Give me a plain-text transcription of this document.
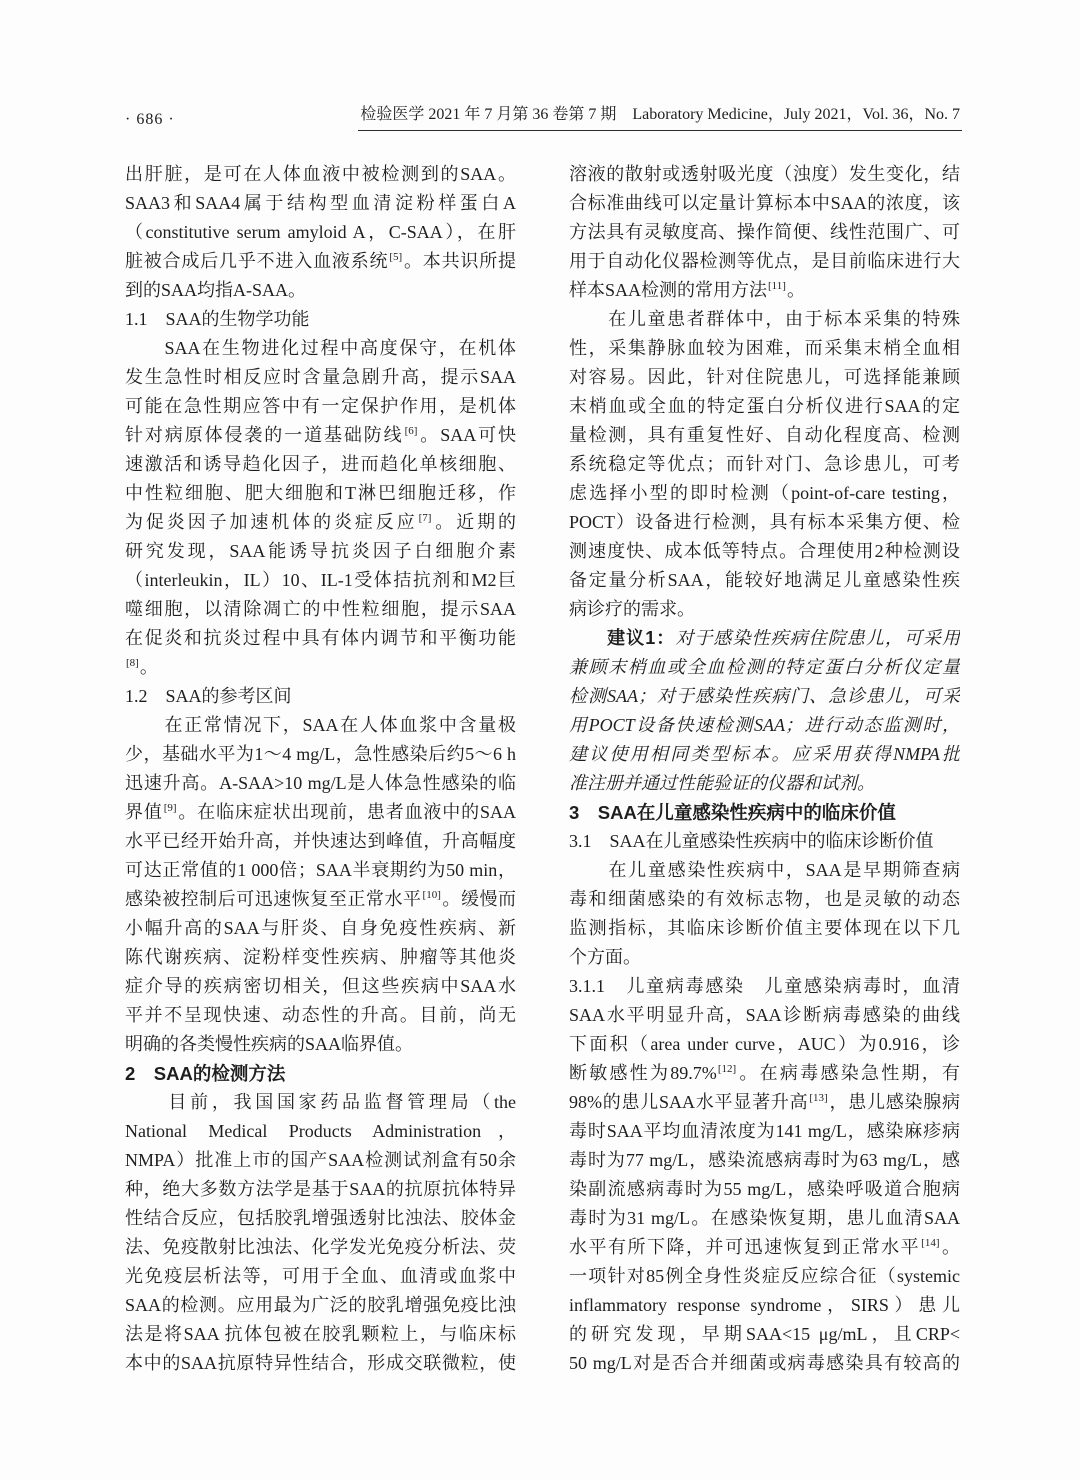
· 686 ·	检验医学 2021 年 7 月第 36 卷第 7 期　Laboratory Medicine，July 2021，Vol. 36，No. 7
出肝脏，是可在人体血液中被检测到的SAA。
SAA3和SAA4属于结构型血清淀粉样蛋白A
（constitutive serum amyloid A，C-SAA），在肝
脏被合成后几乎不进入血液系统[5]。本共识所提
到的SAA均指A-SAA。
1.1　SAA的生物学功能
　　SAA在生物进化过程中高度保守，在机体
发生急性时相反应时含量急剧升高，提示SAA
可能在急性期应答中有一定保护作用，是机体
针对病原体侵袭的一道基础防线[6]。SAA可快
速激活和诱导趋化因子，进而趋化单核细胞、
中性粒细胞、肥大细胞和T淋巴细胞迁移，作
为促炎因子加速机体的炎症反应[7]。近期的
研究发现，SAA能诱导抗炎因子白细胞介素
（interleukin，IL）10、IL-1受体拮抗剂和M2巨
噬细胞，以清除凋亡的中性粒细胞，提示SAA
在促炎和抗炎过程中具有体内调节和平衡功能
[8]。
1.2　SAA的参考区间
　　在正常情况下，SAA在人体血浆中含量极
少，基础水平为1～4 mg/L，急性感染后约5～6 h
迅速升高。A-SAA>10 mg/L是人体急性感染的临
界值[9]。在临床症状出现前，患者血液中的SAA
水平已经开始升高，并快速达到峰值，升高幅度
可达正常值的1 000倍；SAA半衰期约为50 min，
感染被控制后可迅速恢复至正常水平[10]。缓慢而
小幅升高的SAA与肝炎、自身免疫性疾病、新
陈代谢疾病、淀粉样变性疾病、肿瘤等其他炎
症介导的疾病密切相关，但这些疾病中SAA水
平并不呈现快速、动态性的升高。目前，尚无
明确的各类慢性疾病的SAA临界值。
2　SAA的检测方法
　　目前，我国国家药品监督管理局（the
National Medical Products Administration，
NMPA）批准上市的国产SAA检测试剂盒有50余
种，绝大多数方法学是基于SAA的抗原抗体特异
性结合反应，包括胶乳增强透射比浊法、胶体金
法、免疫散射比浊法、化学发光免疫分析法、荧
光免疫层析法等，可用于全血、血清或血浆中
SAA的检测。应用最为广泛的胶乳增强免疫比浊
法是将SAA 抗体包被在胶乳颗粒上，与临床标
本中的SAA抗原特异性结合，形成交联微粒，使
溶液的散射或透射吸光度（浊度）发生变化，结
合标准曲线可以定量计算标本中SAA的浓度，该
方法具有灵敏度高、操作简便、线性范围广、可
用于自动化仪器检测等优点，是目前临床进行大
样本SAA检测的常用方法[11]。
　　在儿童患者群体中，由于标本采集的特殊
性，采集静脉血较为困难，而采集末梢全血相
对容易。因此，针对住院患儿，可选择能兼顾
末梢血或全血的特定蛋白分析仪进行SAA的定
量检测，具有重复性好、自动化程度高、检测
系统稳定等优点；而针对门、急诊患儿，可考
虑选择小型的即时检测（point-of-care testing，
POCT）设备进行检测，具有标本采集方便、检
测速度快、成本低等特点。合理使用2种检测设
备定量分析SAA，能较好地满足儿童感染性疾
病诊疗的需求。
　　建议1：对于感染性疾病住院患儿，可采用
兼顾末梢血或全血检测的特定蛋白分析仪定量
检测SAA；对于感染性疾病门、急诊患儿，可采
用POCT设备快速检测SAA；进行动态监测时，
建议使用相同类型标本。应采用获得NMPA批
准注册并通过性能验证的仪器和试剂。
3　SAA在儿童感染性疾病中的临床价值
3.1　SAA在儿童感染性疾病中的临床诊断价值
　　在儿童感染性疾病中，SAA是早期筛查病
毒和细菌感染的有效标志物，也是灵敏的动态
监测指标，其临床诊断价值主要体现在以下几
个方面。
3.1.1　儿童病毒感染　儿童感染病毒时，血清
SAA水平明显升高，SAA诊断病毒感染的曲线
下面积（area under curve，AUC）为0.916，诊
断敏感性为89.7%[12]。在病毒感染急性期，有
98%的患儿SAA水平显著升高[13]，患儿感染腺病
毒时SAA平均血清浓度为141 mg/L，感染麻疹病
毒时为77 mg/L，感染流感病毒时为63 mg/L，感
染副流感病毒时为55 mg/L，感染呼吸道合胞病
毒时为31 mg/L。在感染恢复期，患儿血清SAA
水平有所下降，并可迅速恢复到正常水平[14]。
一项针对85例全身性炎症反应综合征（systemic
inflammatory response syndrome，SIRS）患儿
的研究发现，早期SAA<15 μg/mL，且CRP<
50 mg/L对是否合并细菌或病毒感染具有较高的
